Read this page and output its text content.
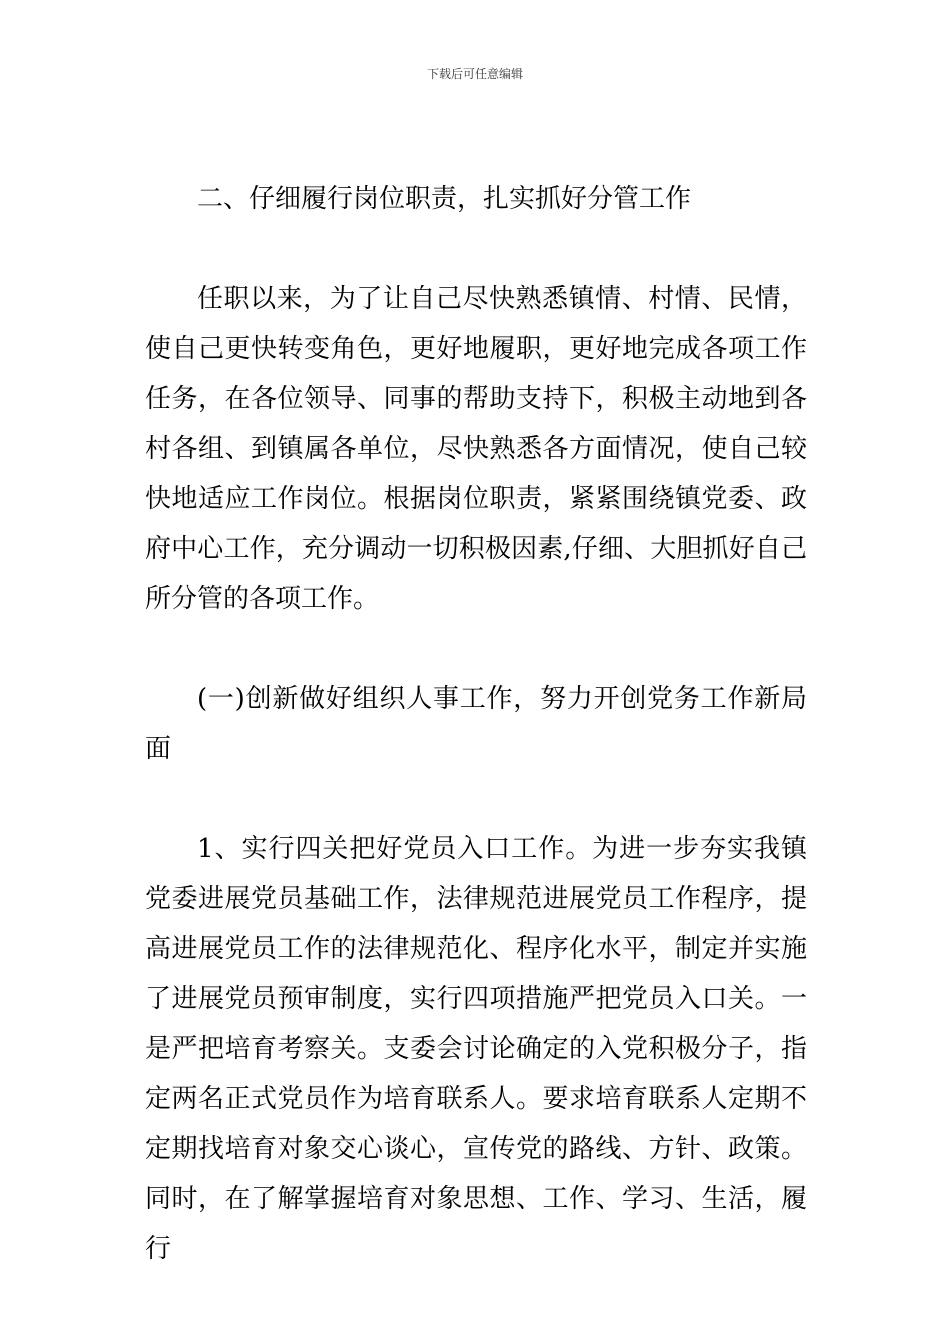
下载后可任意编辑

二、仔细履行岗位职责，扎实抓好分管工作

任职以来，为了让自己尽快熟悉镇情、村情、民情，使自己更快转变角色，更好地履职，更好地完成各项工作任务，在各位领导、同事的帮助支持下，积极主动地到各村各组、到镇属各单位，尽快熟悉各方面情况，使自己较快地适应工作岗位。根据岗位职责，紧紧围绕镇党委、政府中心工作，充分调动一切积极因素,仔细、大胆抓好自己所分管的各项工作。

(一)创新做好组织人事工作，努力开创党务工作新局面

1、实行四关把好党员入口工作。为进一步夯实我镇党委进展党员基础工作，法律规范进展党员工作程序，提高进展党员工作的法律规范化、程序化水平，制定并实施了进展党员预审制度，实行四项措施严把党员入口关。一是严把培育考察关。支委会讨论确定的入党积极分子，指定两名正式党员作为培育联系人。要求培育联系人定期不定期找培育对象交心谈心，宣传党的路线、方针、政策。同时，在了解掌握培育对象思想、工作、学习、生活，履行
